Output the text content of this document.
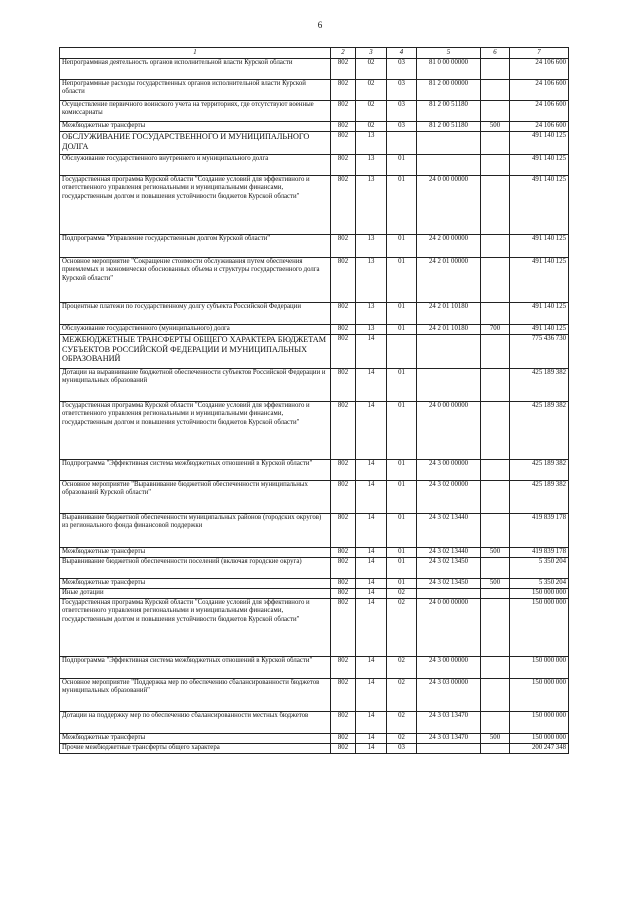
6
1	2	3	4	5	6	7
Непрограммная деятельность органов исполнительной власти Курской области	802	02	03	81 0 00 00000		24 106 600
Непрограммные расходы государственных органов исполнительной власти Курской области	802	02	03	81 2 00 00000		24 106 600
Осуществление первичного воинского учета на территориях, где отсутствуют военные комиссариаты	802	02	03	81 2 00 51180		24 106 600
Межбюджетные трансферты	802	02	03	81 2 00 51180	500	24 106 600
ОБСЛУЖИВАНИЕ ГОСУДАРСТВЕННОГО И МУНИЦИПАЛЬНОГО ДОЛГА	802	13				491 140 125
Обслуживание государственного внутреннего и муниципального долга	802	13	01			491 140 125
Государственная программа Курской области "Создание условий для эффективного и ответственного управления региональными и муниципальными финансами, государственным долгом и повышения устойчивости бюджетов Курской области"	802	13	01	24 0 00 00000		491 140 125
Подпрограмма "Управление государственным долгом Курской области"	802	13	01	24 2 00 00000		491 140 125
Основное мероприятие "Сокращение стоимости обслуживания путем обеспечения приемлемых и экономически обоснованных объема и структуры государственного долга Курской области"	802	13	01	24 2 01 00000		491 140 125
Процентные платежи по государственному долгу субъекта Российской Федерации	802	13	01	24 2 01 10180		491 140 125
Обслуживание государственного (муниципального) долга	802	13	01	24 2 01 10180	700	491 140 125
МЕЖБЮДЖЕТНЫЕ ТРАНСФЕРТЫ ОБЩЕГО ХАРАКТЕРА БЮДЖЕТАМ СУБЪЕКТОВ РОССИЙСКОЙ ФЕДЕРАЦИИ И МУНИЦИПАЛЬНЫХ ОБРАЗОВАНИЙ	802	14				775 436 730
Дотации на выравнивание бюджетной обеспеченности субъектов Российской Федерации и муниципальных образований	802	14	01			425 189 382
Государственная программа Курской области "Создание условий для эффективного и ответственного управления региональными и муниципальными финансами, государственным долгом и повышения устойчивости бюджетов Курской области"	802	14	01	24 0 00 00000		425 189 382
Подпрограмма "Эффективная система межбюджетных отношений в Курской области"	802	14	01	24 3 00 00000		425 189 382
Основное мероприятие "Выравнивание бюджетной обеспеченности муниципальных образований Курской области"	802	14	01	24 3 02 00000		425 189 382
Выравнивание бюджетной обеспеченности муниципальных районов (городских округов) из регионального фонда финансовой поддержки	802	14	01	24 3 02 13440		419 839 178
Межбюджетные трансферты	802	14	01	24 3 02 13440	500	419 839 178
Выравнивание бюджетной обеспеченности поселений (включая городские округа)	802	14	01	24 3 02 13450		5 350 204
Межбюджетные трансферты	802	14	01	24 3 02 13450	500	5 350 204
Иные дотации	802	14	02			150 000 000
Государственная программа Курской области "Создание условий для эффективного и ответственного управления региональными и муниципальными финансами, государственным долгом и повышения устойчивости бюджетов Курской области"	802	14	02	24 0 00 00000		150 000 000
Подпрограмма "Эффективная система межбюджетных отношений в Курской области"	802	14	02	24 3 00 00000		150 000 000
Основное мероприятие "Поддержка мер по обеспечению сбалансированности бюджетов муниципальных образований"	802	14	02	24 3 03 00000		150 000 000
Дотации на поддержку мер по обеспечению сбалансированности местных бюджетов	802	14	02	24 3 03 13470		150 000 000
Межбюджетные трансферты	802	14	02	24 3 03 13470	500	150 000 000
Прочие межбюджетные трансферты общего характера	802	14	03			200 247 348
